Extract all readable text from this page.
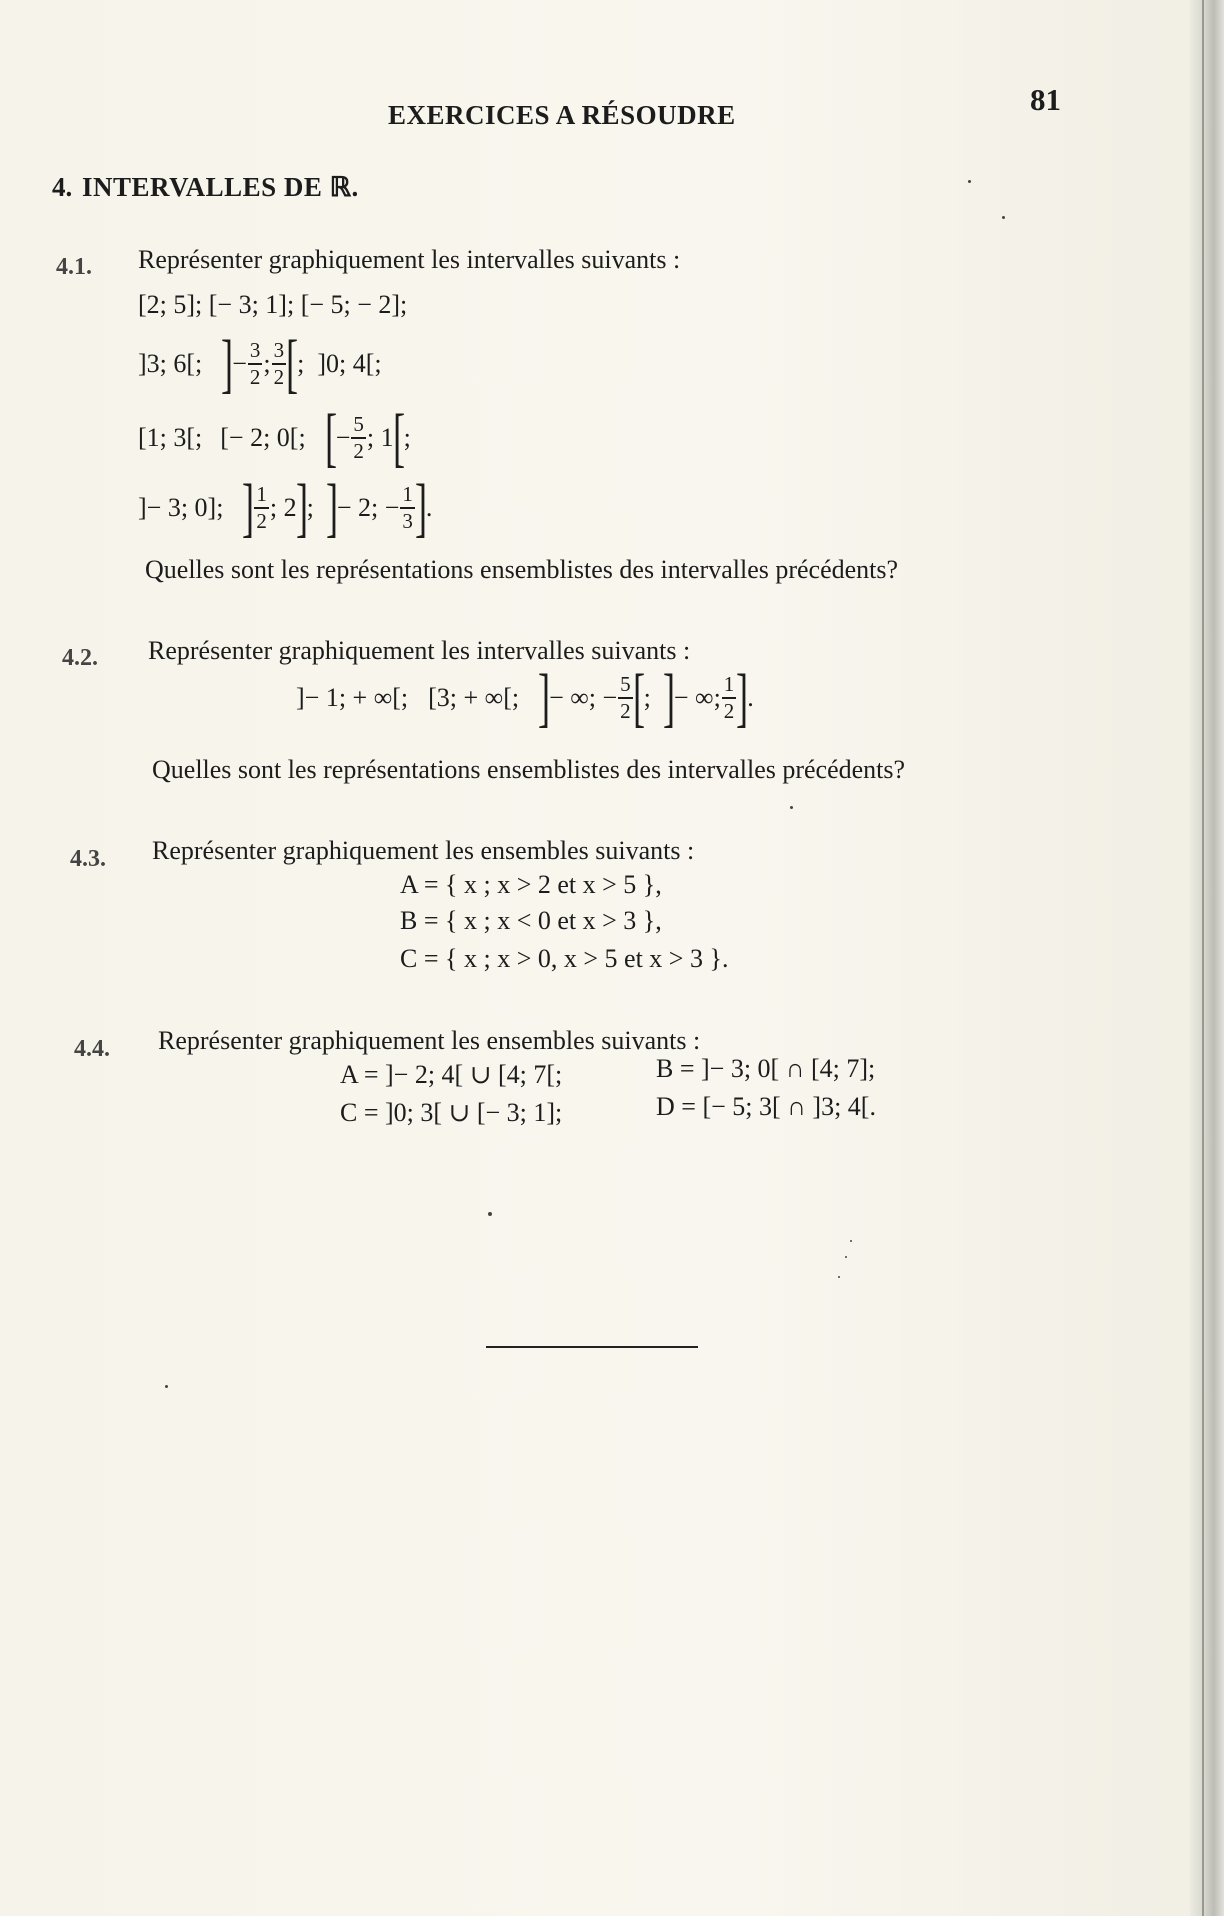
EXERCICES A RÉSOUDRE	81
4. INTERVALLES DE ℝ.
4.1. Représenter graphiquement les intervalles suivants :
[2; 5]; [− 3; 1]; [− 5; − 2];
]3; 6[; ]
− $\frac{3}{2}$ ; $\frac{3}{2}$ [
; ]0; 4[;
[1; 3[; [− 2; 0[; [
− $\frac{5}{2}$ ; 1
[
;
]− 3; 0]; ] $\frac{1}{2}$ ; 2
]
;
]
− 2; − $\frac{1}{3}$ ]
.
Quelles sont les représentations ensemblistes des intervalles précédents?
4.2. Représenter graphiquement les intervalles suivants :
]− 1; + ∞[; [3; + ∞[; ]
− ∞; − $\frac{5}{2}$ [
;
]
− ∞; $\frac{1}{2}$ ]
.
Quelles sont les représentations ensemblistes des intervalles précédents?
4.3. Représenter graphiquement les ensembles suivants :
A = { x ; x > 2 et x > 5 },
B = { x ; x < 0 et x > 3 },
C = { x ; x > 0, x > 5 et x > 3 }.
4.4. Représenter graphiquement les ensembles suivants :
A = ]− 2; 4[ ∪ [4; 7[;	B = ]− 3; 0[ ∩ [4; 7];
C = ]0; 3[ ∪ [− 3; 1];	D = [− 5; 3[ ∩ ]3; 4[.
